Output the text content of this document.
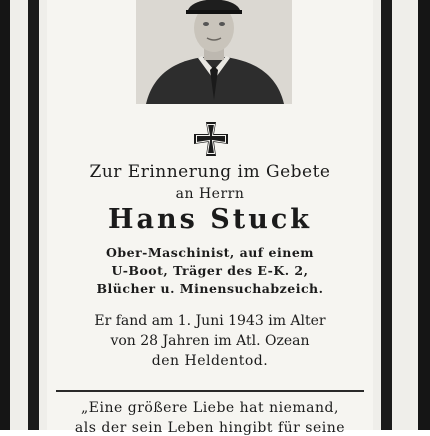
Zur Erinnerung im Gebete
an Herrn
Hans Stuck
Ober-Maschinist, auf einem
U-Boot, Träger des E-K. 2,
Blücher u. Minensuchabzeich.
Er fand am 1. Juni 1943 im Alter
von 28 Jahren im Atl. Ozean
den Heldentod.
„Eine größere Liebe hat niemand,
als der sein Leben hingibt für seine
